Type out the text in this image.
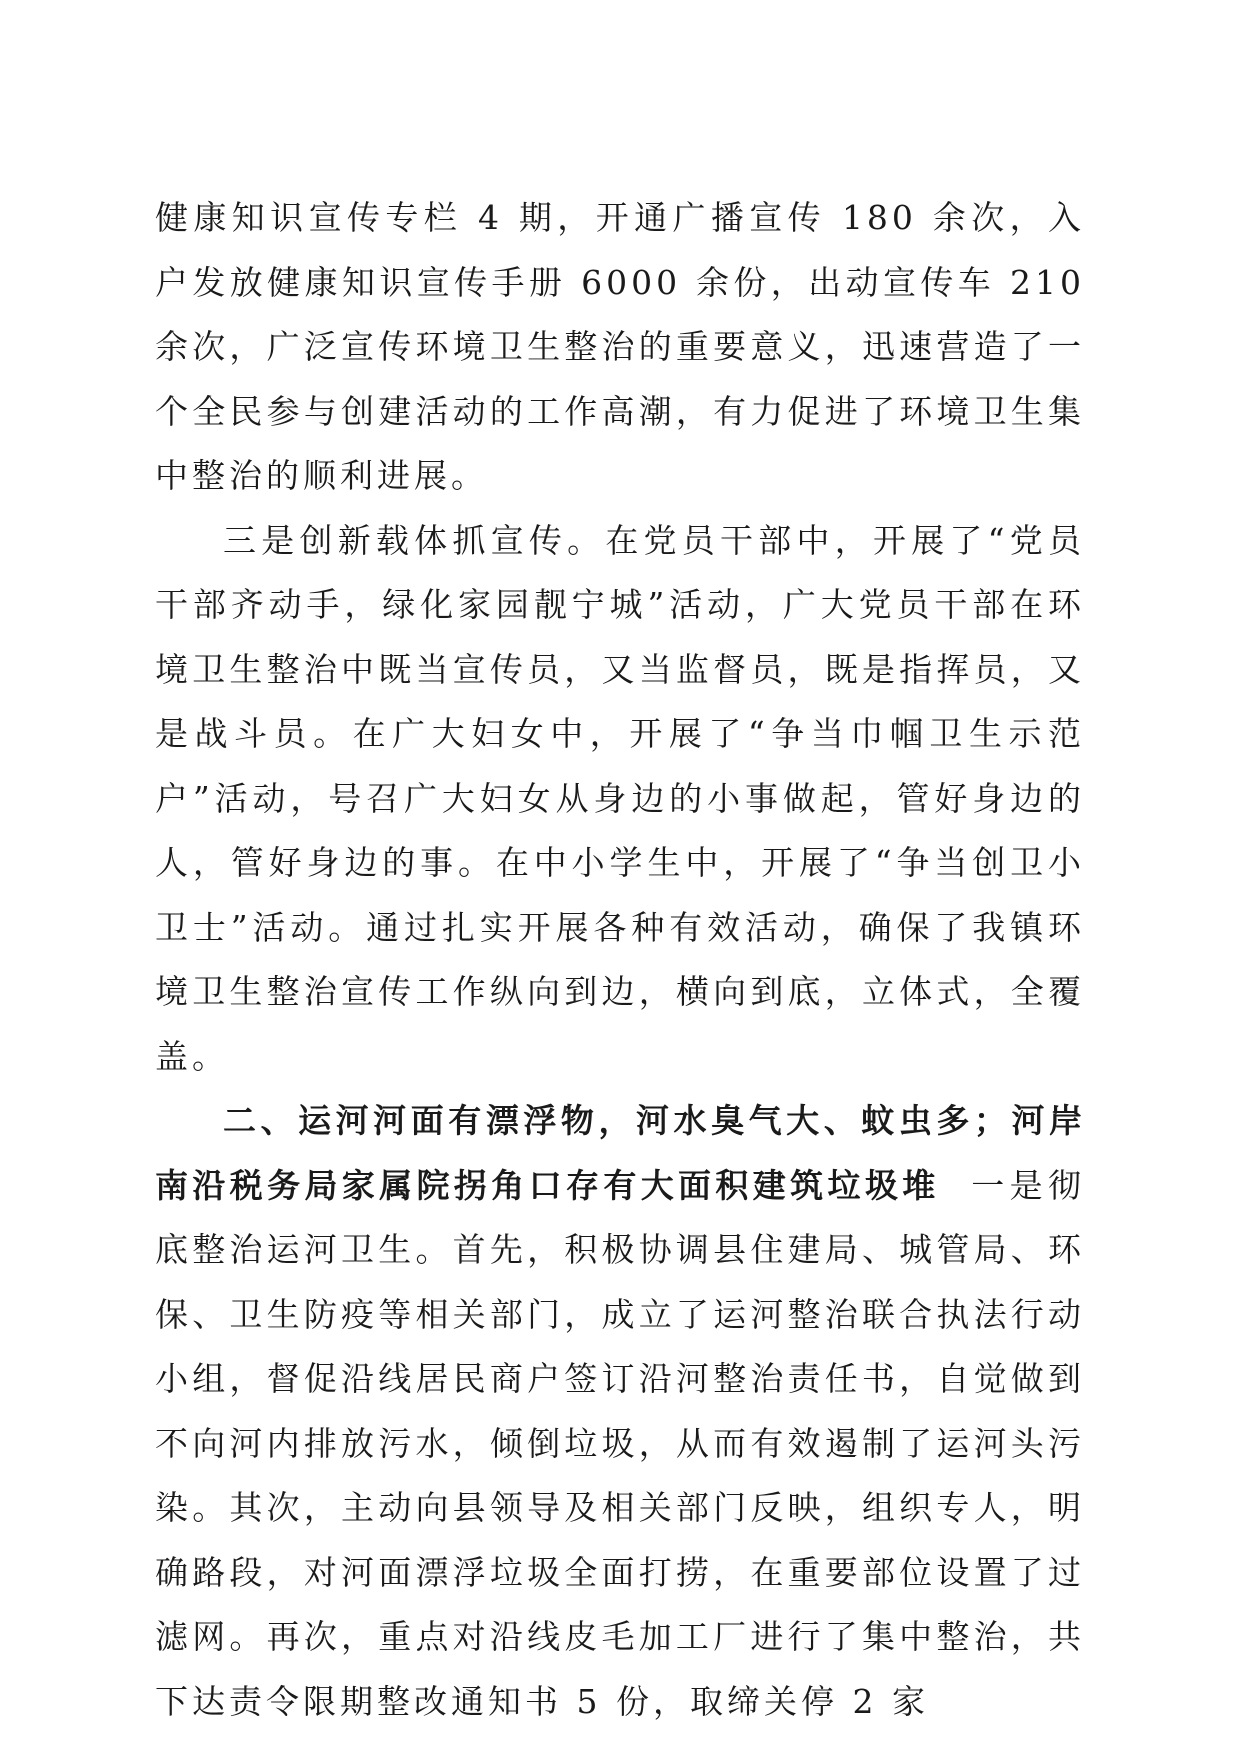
健康知识宣传专栏 4 期，开通广播宣传 180 余次，入户发放健康知识宣传手册 6000 余份，出动宣传车 210 余次，广泛宣传环境卫生整治的重要意义，迅速营造了一个全民参与创建活动的工作高潮，有力促进了环境卫生集中整治的顺利进展。

三是创新载体抓宣传。在党员干部中，开展了“党员干部齐动手，绿化家园靓宁城”活动，广大党员干部在环境卫生整治中既当宣传员，又当监督员，既是指挥员，又是战斗员。在广大妇女中，开展了“争当巾帼卫生示范户”活动，号召广大妇女从身边的小事做起，管好身边的人，管好身边的事。在中小学生中，开展了“争当创卫小卫士”活动。通过扎实开展各种有效活动，确保了我镇环境卫生整治宣传工作纵向到边，横向到底，立体式，全覆盖。

二、运河河面有漂浮物，河水臭气大、蚊虫多；河岸南沿税务局家属院拐角口存有大面积建筑垃圾堆 一是彻底整治运河卫生。首先，积极协调县住建局、城管局、环保、卫生防疫等相关部门，成立了运河整治联合执法行动小组，督促沿线居民商户签订沿河整治责任书，自觉做到不向河内排放污水，倾倒垃圾，从而有效遏制了运河头污染。其次，主动向县领导及相关部门反映，组织专人，明确路段，对河面漂浮垃圾全面打捞，在重要部位设置了过滤网。再次，重点对沿线皮毛加工厂进行了集中整治，共下达责令限期整改通知书 5 份，取缔关停 2 家
